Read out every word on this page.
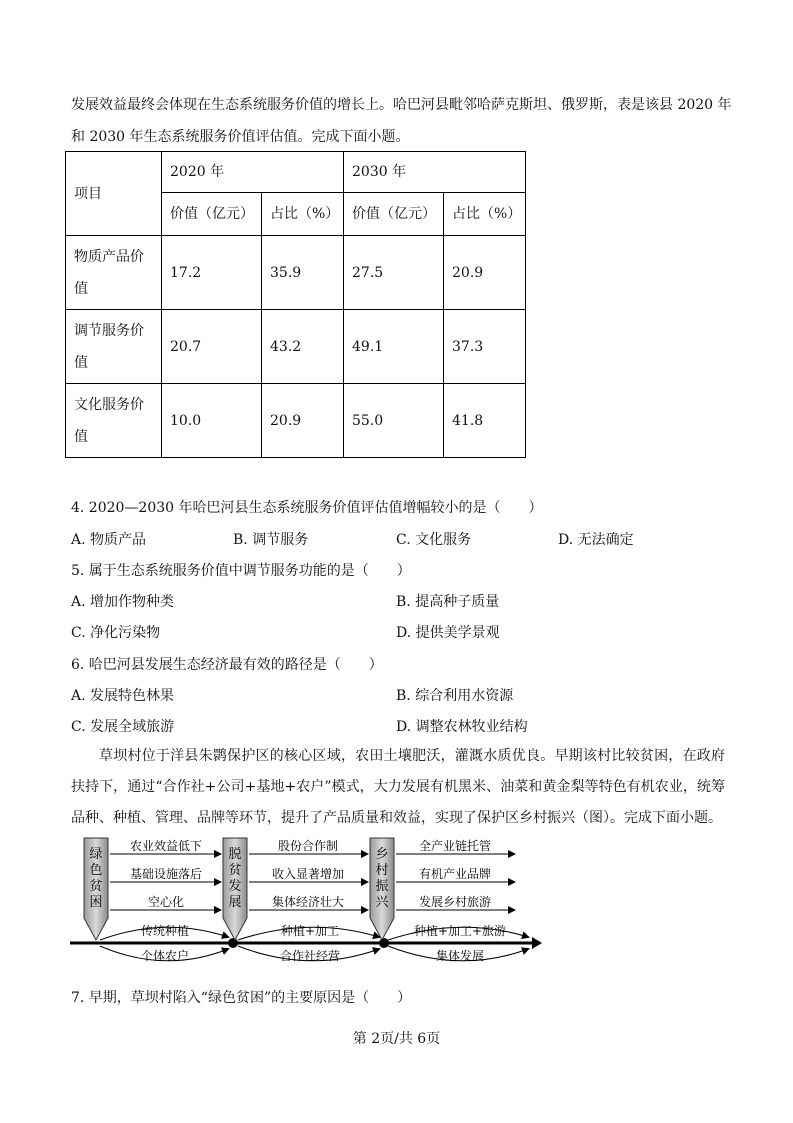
发展效益最终会体现在生态系统服务价值的增长上。哈巴河县毗邻哈萨克斯坦、俄罗斯，表是该县 2020 年
和 2030 年生态系统服务价值评估值。完成下面小题。
项目	2020 年		2030 年	
	价值（亿元）	占比（%）	价值（亿元）	占比（%）
物质产品价
值	17.2	35.9	27.5	20.9
调节服务价
值	20.7	43.2	49.1	37.3
文化服务价
值	10.0	20.9	55.0	41.8
4. 2020—2030 年哈巴河县生态系统服务价值评估值增幅较小的是（　　）
A. 物质产品	B. 调节服务	C. 文化服务	D. 无法确定
5. 属于生态系统服务价值中调节服务功能的是（　　）
A. 增加作物种类	B. 提高种子质量
C. 净化污染物	D. 提供美学景观
6. 哈巴河县发展生态经济最有效的路径是（　　）
A. 发展特色林果	B. 综合利用水资源
C. 发展全域旅游	D. 调整农林牧业结构
草坝村位于洋县朱鹮保护区的核心区域，农田土壤肥沃，灌溉水质优良。早期该村比较贫困，在政府扶持下，通过“合作社+公司+基地+农户”模式，大力发展有机黑米、油菜和黄金梨等特色有机农业，统筹品种、种植、管理、品牌等环节，提升了产品质量和效益，实现了保护区乡村振兴（图）。完成下面小题。
绿
色
贫
困
脱
贫
发
展
乡
村
振
兴
农业效益低下
基础设施落后
空心化
股份合作制
收入显著增加
集体经济壮大
全产业链托管
有机产业品牌
发展乡村旅游
传统种植	种植+加工	种植+加工+旅游
个体农户	合作社经营	集体发展
7. 早期，草坝村陷入“绿色贫困”的主要原因是（　　）
第 2页/共 6页
